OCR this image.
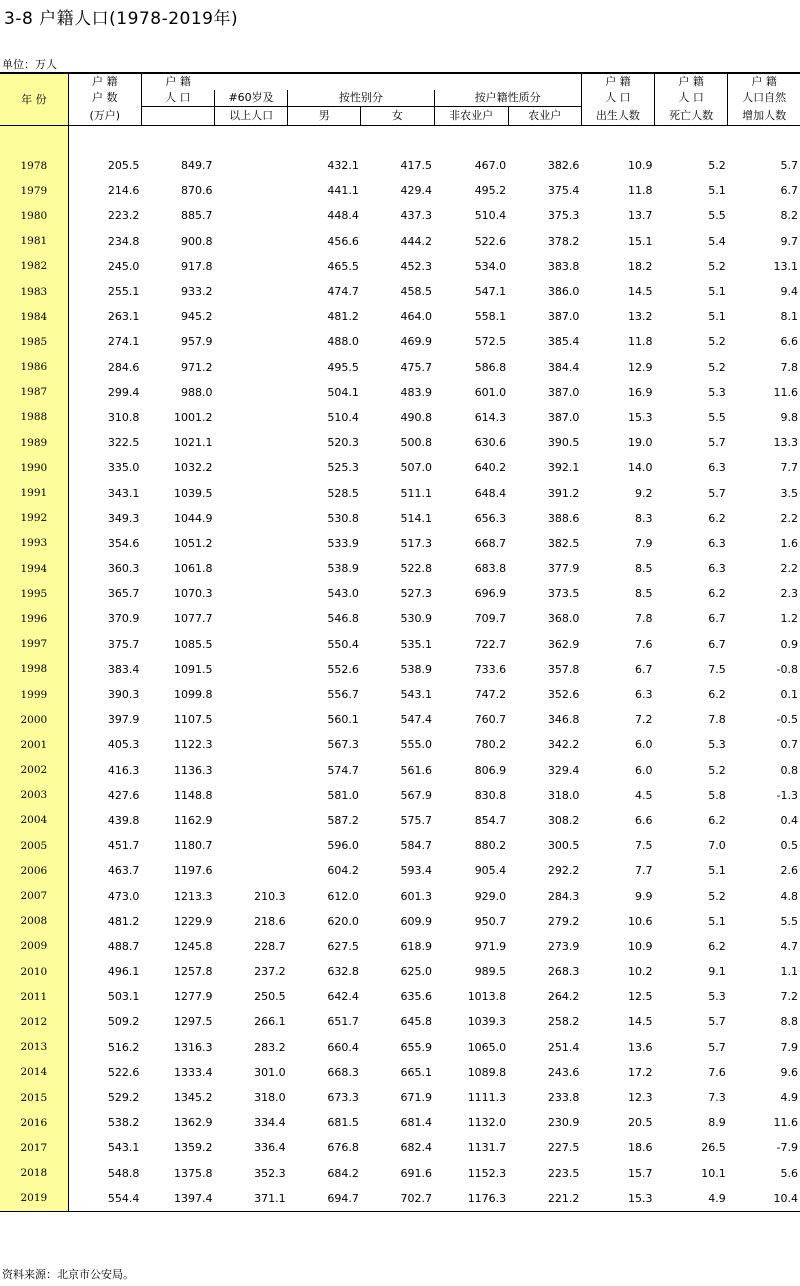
3-8 户籍人口(1978-2019年)
单位：万人
年 份	户 籍	户 籍						户 籍	户 籍	户 籍
	户 数	人 口	#60岁及	按性别分		按户籍性质分		人 口	人 口	人口自然
	(万户)		以上人口	男	女	非农业户	农业户	出生人数	死亡人数	增加人数

1978	205.5	849.7		432.1	417.5	467.0	382.6	10.9	5.2	5.7
1979	214.6	870.6		441.1	429.4	495.2	375.4	11.8	5.1	6.7
1980	223.2	885.7		448.4	437.3	510.4	375.3	13.7	5.5	8.2
1981	234.8	900.8		456.6	444.2	522.6	378.2	15.1	5.4	9.7
1982	245.0	917.8		465.5	452.3	534.0	383.8	18.2	5.2	13.1
1983	255.1	933.2		474.7	458.5	547.1	386.0	14.5	5.1	9.4
1984	263.1	945.2		481.2	464.0	558.1	387.0	13.2	5.1	8.1
1985	274.1	957.9		488.0	469.9	572.5	385.4	11.8	5.2	6.6
1986	284.6	971.2		495.5	475.7	586.8	384.4	12.9	5.2	7.8
1987	299.4	988.0		504.1	483.9	601.0	387.0	16.9	5.3	11.6
1988	310.8	1001.2		510.4	490.8	614.3	387.0	15.3	5.5	9.8
1989	322.5	1021.1		520.3	500.8	630.6	390.5	19.0	5.7	13.3
1990	335.0	1032.2		525.3	507.0	640.2	392.1	14.0	6.3	7.7
1991	343.1	1039.5		528.5	511.1	648.4	391.2	9.2	5.7	3.5
1992	349.3	1044.9		530.8	514.1	656.3	388.6	8.3	6.2	2.2
1993	354.6	1051.2		533.9	517.3	668.7	382.5	7.9	6.3	1.6
1994	360.3	1061.8		538.9	522.8	683.8	377.9	8.5	6.3	2.2
1995	365.7	1070.3		543.0	527.3	696.9	373.5	8.5	6.2	2.3
1996	370.9	1077.7		546.8	530.9	709.7	368.0	7.8	6.7	1.2
1997	375.7	1085.5		550.4	535.1	722.7	362.9	7.6	6.7	0.9
1998	383.4	1091.5		552.6	538.9	733.6	357.8	6.7	7.5	-0.8
1999	390.3	1099.8		556.7	543.1	747.2	352.6	6.3	6.2	0.1
2000	397.9	1107.5		560.1	547.4	760.7	346.8	7.2	7.8	-0.5
2001	405.3	1122.3		567.3	555.0	780.2	342.2	6.0	5.3	0.7
2002	416.3	1136.3		574.7	561.6	806.9	329.4	6.0	5.2	0.8
2003	427.6	1148.8		581.0	567.9	830.8	318.0	4.5	5.8	-1.3
2004	439.8	1162.9		587.2	575.7	854.7	308.2	6.6	6.2	0.4
2005	451.7	1180.7		596.0	584.7	880.2	300.5	7.5	7.0	0.5
2006	463.7	1197.6		604.2	593.4	905.4	292.2	7.7	5.1	2.6
2007	473.0	1213.3	210.3	612.0	601.3	929.0	284.3	9.9	5.2	4.8
2008	481.2	1229.9	218.6	620.0	609.9	950.7	279.2	10.6	5.1	5.5
2009	488.7	1245.8	228.7	627.5	618.9	971.9	273.9	10.9	6.2	4.7
2010	496.1	1257.8	237.2	632.8	625.0	989.5	268.3	10.2	9.1	1.1
2011	503.1	1277.9	250.5	642.4	635.6	1013.8	264.2	12.5	5.3	7.2
2012	509.2	1297.5	266.1	651.7	645.8	1039.3	258.2	14.5	5.7	8.8
2013	516.2	1316.3	283.2	660.4	655.9	1065.0	251.4	13.6	5.7	7.9
2014	522.6	1333.4	301.0	668.3	665.1	1089.8	243.6	17.2	7.6	9.6
2015	529.2	1345.2	318.0	673.3	671.9	1111.3	233.8	12.3	7.3	4.9
2016	538.2	1362.9	334.4	681.5	681.4	1132.0	230.9	20.5	8.9	11.6
2017	543.1	1359.2	336.4	676.8	682.4	1131.7	227.5	18.6	26.5	-7.9
2018	548.8	1375.8	352.3	684.2	691.6	1152.3	223.5	15.7	10.1	5.6
2019	554.4	1397.4	371.1	694.7	702.7	1176.3	221.2	15.3	4.9	10.4
资料来源：北京市公安局。
